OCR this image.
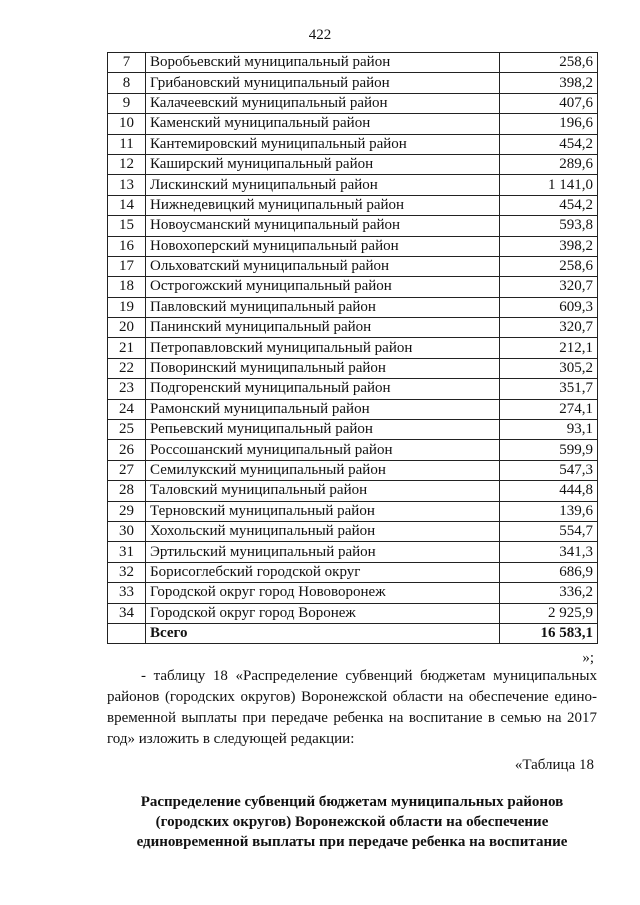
422
7	Воробьевский муниципальный район	258,6
8	Грибановский муниципальный район	398,2
9	Калачеевский муниципальный район	407,6
10	Каменский муниципальный район	196,6
11	Кантемировский муниципальный район	454,2
12	Каширский муниципальный район	289,6
13	Лискинский муниципальный район	1 141,0
14	Нижнедевицкий муниципальный район	454,2
15	Новоусманский муниципальный район	593,8
16	Новохоперский муниципальный район	398,2
17	Ольховатский муниципальный район	258,6
18	Острогожский муниципальный район	320,7
19	Павловский муниципальный район	609,3
20	Панинский муниципальный район	320,7
21	Петропавловский муниципальный район	212,1
22	Поворинский муниципальный район	305,2
23	Подгоренский муниципальный район	351,7
24	Рамонский муниципальный район	274,1
25	Репьевский муниципальный район	93,1
26	Россошанский муниципальный район	599,9
27	Семилукский муниципальный район	547,3
28	Таловский муниципальный район	444,8
29	Терновский муниципальный район	139,6
30	Хохольский муниципальный район	554,7
31	Эртильский муниципальный район	341,3
32	Борисоглебский городской округ	686,9
33	Городской округ город Нововоронеж	336,2
34	Городской округ город Воронеж	2 925,9
	Всего	16 583,1
»;
- таблицу 18 «Распределение субвенций бюджетам муниципальных
районов (городских округов) Воронежской области на обеспечение едино-
временной выплаты при передаче ребенка на воспитание в семью на 2017
год» изложить в следующей редакции:
«Таблица 18
Распределение субвенций бюджетам муниципальных районов
(городских округов) Воронежской области на обеспечение
единовременной выплаты при передаче ребенка на воспитание
